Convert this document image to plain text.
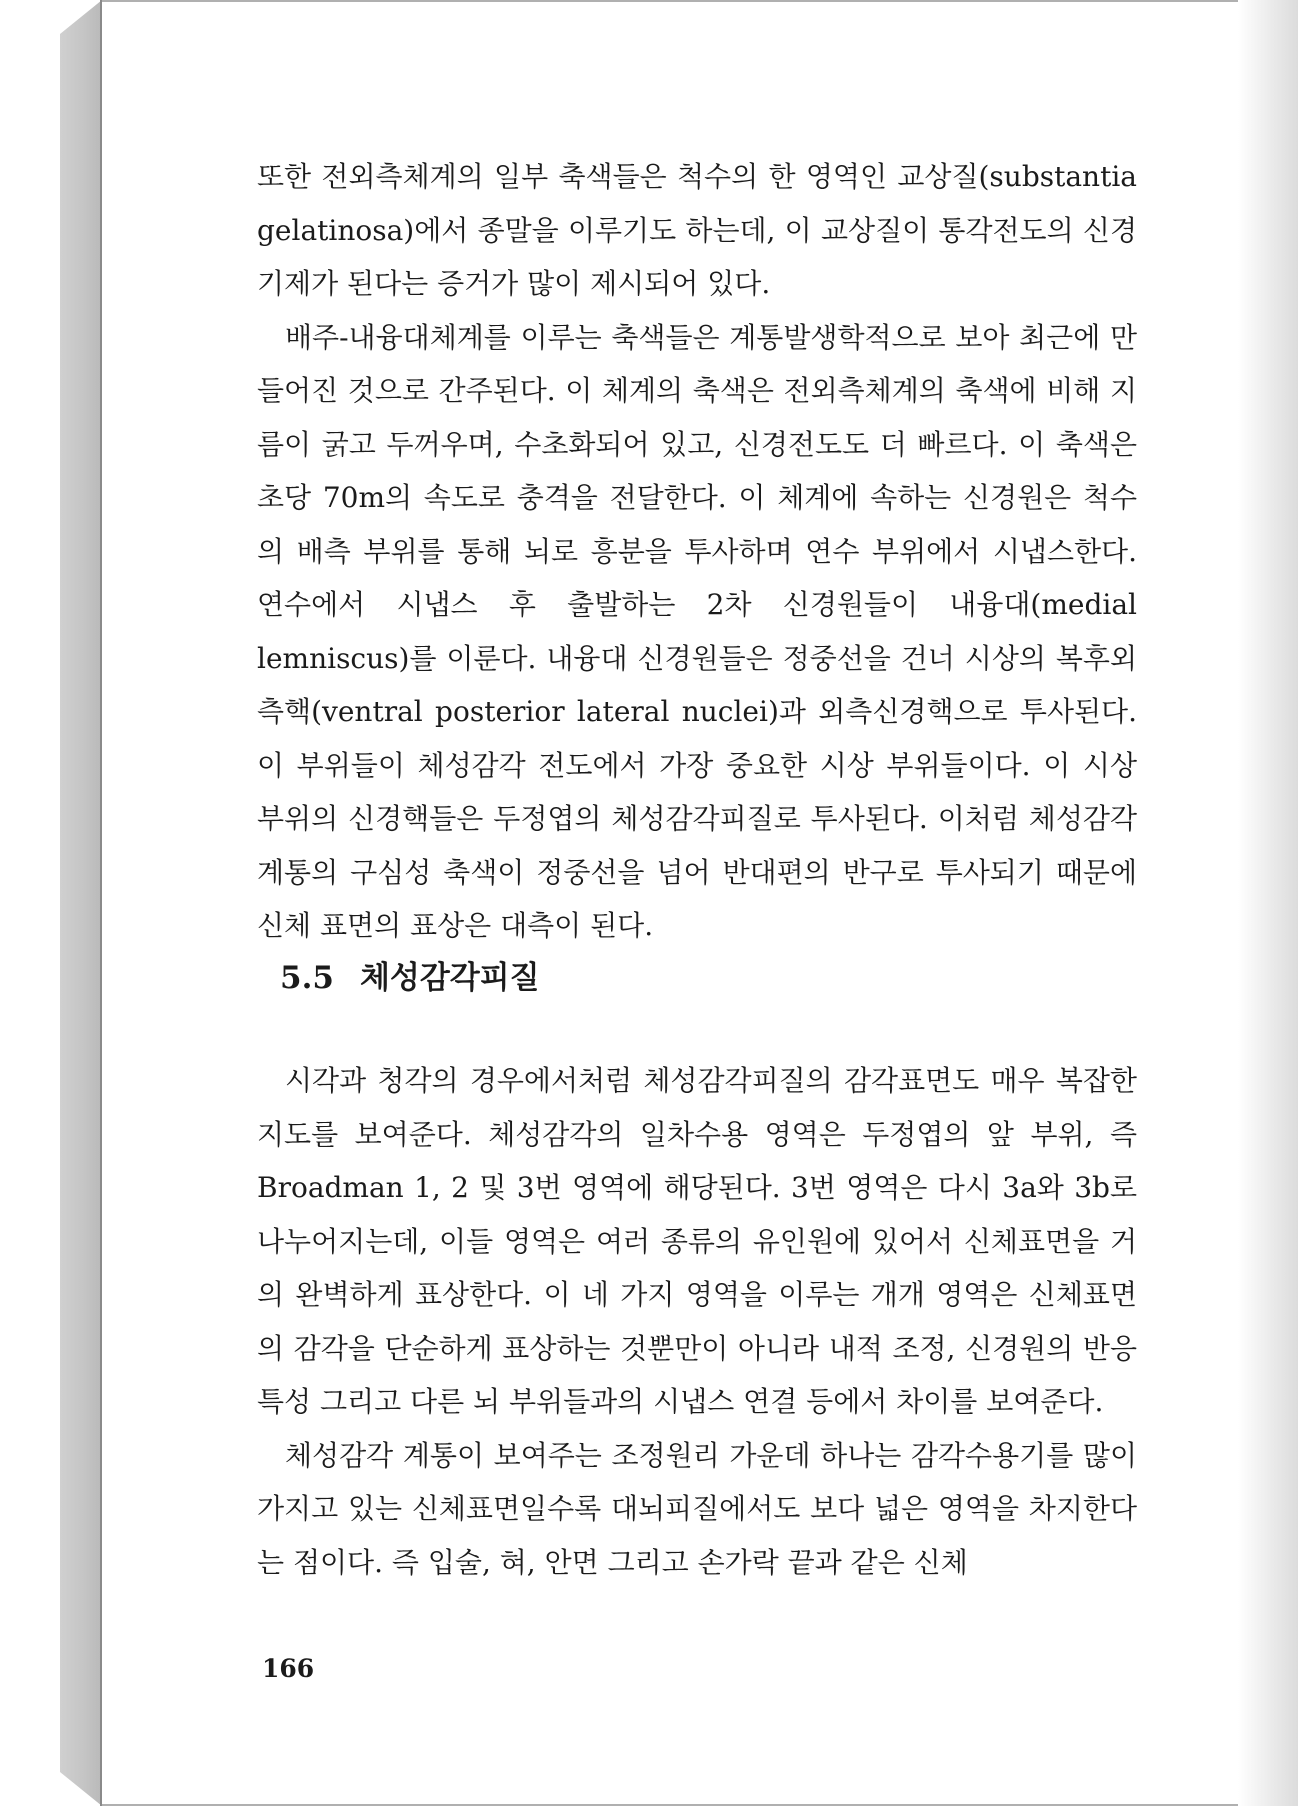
또한 전외측체계의 일부 축색들은 척수의 한 영역인 교상질(substantia gelatinosa)에서 종말을 이루기도 하는데, 이 교상질이 통각전도의 신경기제가 된다는 증거가 많이 제시되어 있다.

배주-내융대체계를 이루는 축색들은 계통발생학적으로 보아 최근에 만들어진 것으로 간주된다. 이 체계의 축색은 전외측체계의 축색에 비해 지름이 굵고 두꺼우며, 수초화되어 있고, 신경전도도 더 빠르다. 이 축색은 초당 70m의 속도로 충격을 전달한다. 이 체계에 속하는 신경원은 척수의 배측 부위를 통해 뇌로 흥분을 투사하며 연수 부위에서 시냅스한다. 연수에서 시냅스 후 출발하는 2차 신경원들이 내융대(medial lemniscus)를 이룬다. 내융대 신경원들은 정중선을 건너 시상의 복후외측핵(ventral posterior lateral nuclei)과 외측신경핵으로 투사된다. 이 부위들이 체성감각 전도에서 가장 중요한 시상 부위들이다. 이 시상 부위의 신경핵들은 두정엽의 체성감각피질로 투사된다. 이처럼 체성감각 계통의 구심성 축색이 정중선을 넘어 반대편의 반구로 투사되기 때문에 신체 표면의 표상은 대측이 된다.

5.5 체성감각피질

시각과 청각의 경우에서처럼 체성감각피질의 감각표면도 매우 복잡한 지도를 보여준다. 체성감각의 일차수용 영역은 두정엽의 앞 부위, 즉 Broadman 1, 2 및 3번 영역에 해당된다. 3번 영역은 다시 3a와 3b로 나누어지는데, 이들 영역은 여러 종류의 유인원에 있어서 신체표면을 거의 완벽하게 표상한다. 이 네 가지 영역을 이루는 개개 영역은 신체표면의 감각을 단순하게 표상하는 것뿐만이 아니라 내적 조정, 신경원의 반응 특성 그리고 다른 뇌 부위들과의 시냅스 연결 등에서 차이를 보여준다.

체성감각 계통이 보여주는 조정원리 가운데 하나는 감각수용기를 많이 가지고 있는 신체표면일수록 대뇌피질에서도 보다 넓은 영역을 차지한다는 점이다. 즉 입술, 혀, 안면 그리고 손가락 끝과 같은 신체

166
